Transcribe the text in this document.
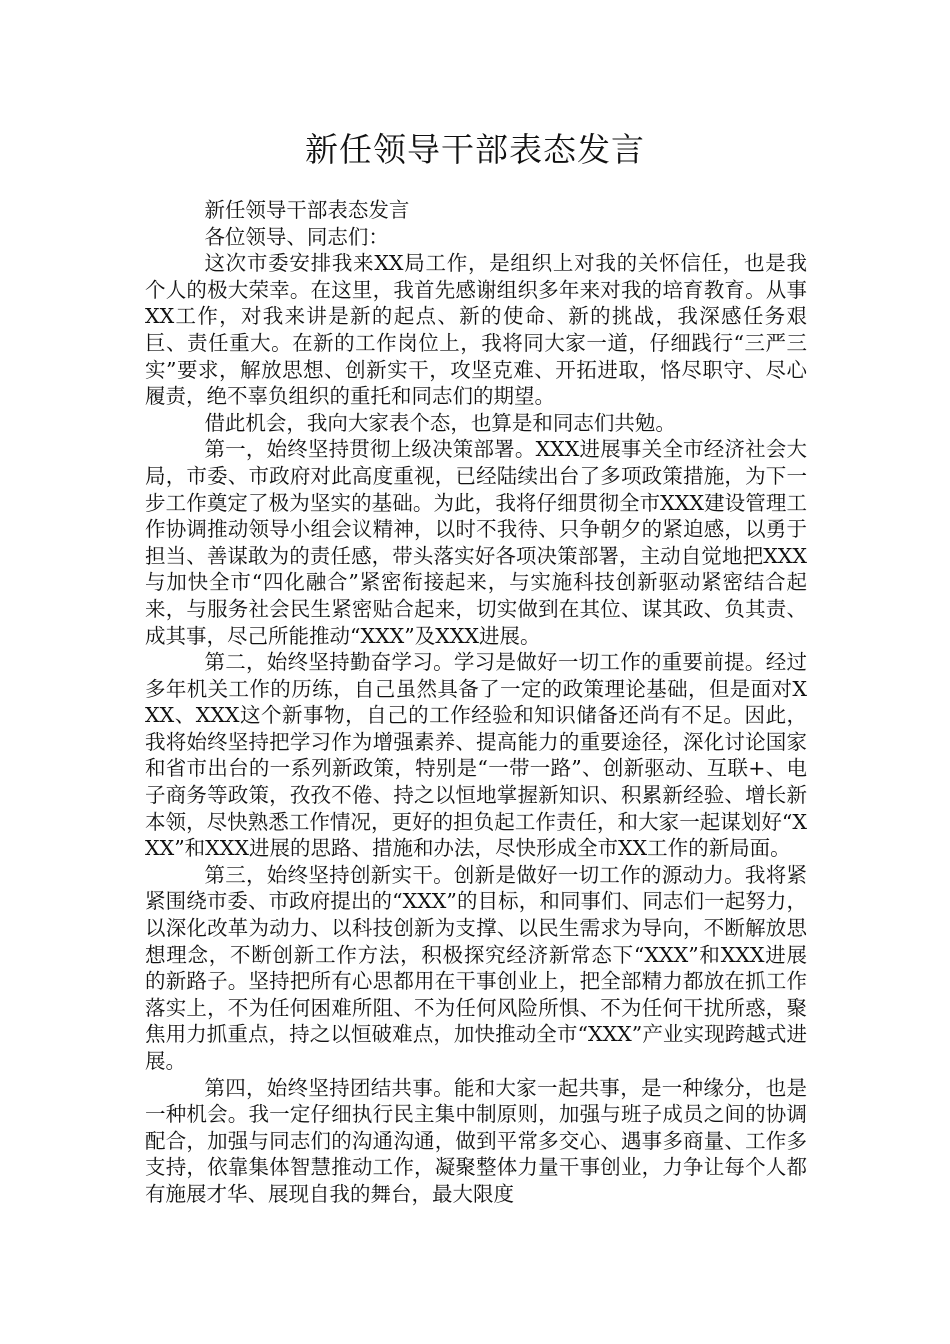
新任领导干部表态发言

新任领导干部表态发言

各位领导、同志们：

这次市委安排我来XX局工作，是组织上对我的关怀信任，也是我个人的极大荣幸。在这里，我首先感谢组织多年来对我的培育教育。从事XX工作，对我来讲是新的起点、新的使命、新的挑战，我深感任务艰巨、责任重大。在新的工作岗位上，我将同大家一道，仔细践行“三严三实”要求，解放思想、创新实干，攻坚克难、开拓进取，恪尽职守、尽心履责，绝不辜负组织的重托和同志们的期望。

借此机会，我向大家表个态，也算是和同志们共勉。

第一，始终坚持贯彻上级决策部署。XXX进展事关全市经济社会大局，市委、市政府对此高度重视，已经陆续出台了多项政策措施，为下一步工作奠定了极为坚实的基础。为此，我将仔细贯彻全市XXX建设管理工作协调推动领导小组会议精神，以时不我待、只争朝夕的紧迫感，以勇于担当、善谋敢为的责任感，带头落实好各项决策部署，主动自觉地把XXX与加快全市“四化融合”紧密衔接起来，与实施科技创新驱动紧密结合起来，与服务社会民生紧密贴合起来，切实做到在其位、谋其政、负其责、成其事，尽己所能推动“XXX”及XXX进展。

第二，始终坚持勤奋学习。学习是做好一切工作的重要前提。经过多年机关工作的历练，自己虽然具备了一定的政策理论基础，但是面对XXX、XXX这个新事物，自己的工作经验和知识储备还尚有不足。因此，我将始终坚持把学习作为增强素养、提高能力的重要途径，深化讨论国家和省市出台的一系列新政策，特别是“一带一路”、创新驱动、互联+、电子商务等政策，孜孜不倦、持之以恒地掌握新知识、积累新经验、增长新本领，尽快熟悉工作情况，更好的担负起工作责任，和大家一起谋划好“XXX”和XXX进展的思路、措施和办法，尽快形成全市XX工作的新局面。

第三，始终坚持创新实干。创新是做好一切工作的源动力。我将紧紧围绕市委、市政府提出的“XXX”的目标，和同事们、同志们一起努力，以深化改革为动力、以科技创新为支撑、以民生需求为导向，不断解放思想理念，不断创新工作方法，积极探究经济新常态下“XXX”和XXX进展的新路子。坚持把所有心思都用在干事创业上，把全部精力都放在抓工作落实上，不为任何困难所阻、不为任何风险所惧、不为任何干扰所惑，聚焦用力抓重点，持之以恒破难点，加快推动全市“XXX”产业实现跨越式进展。

第四，始终坚持团结共事。能和大家一起共事，是一种缘分，也是一种机会。我一定仔细执行民主集中制原则，加强与班子成员之间的协调配合，加强与同志们的沟通沟通，做到平常多交心、遇事多商量、工作多支持，依靠集体智慧推动工作，凝聚整体力量干事创业，力争让每个人都有施展才华、展现自我的舞台，最大限度
